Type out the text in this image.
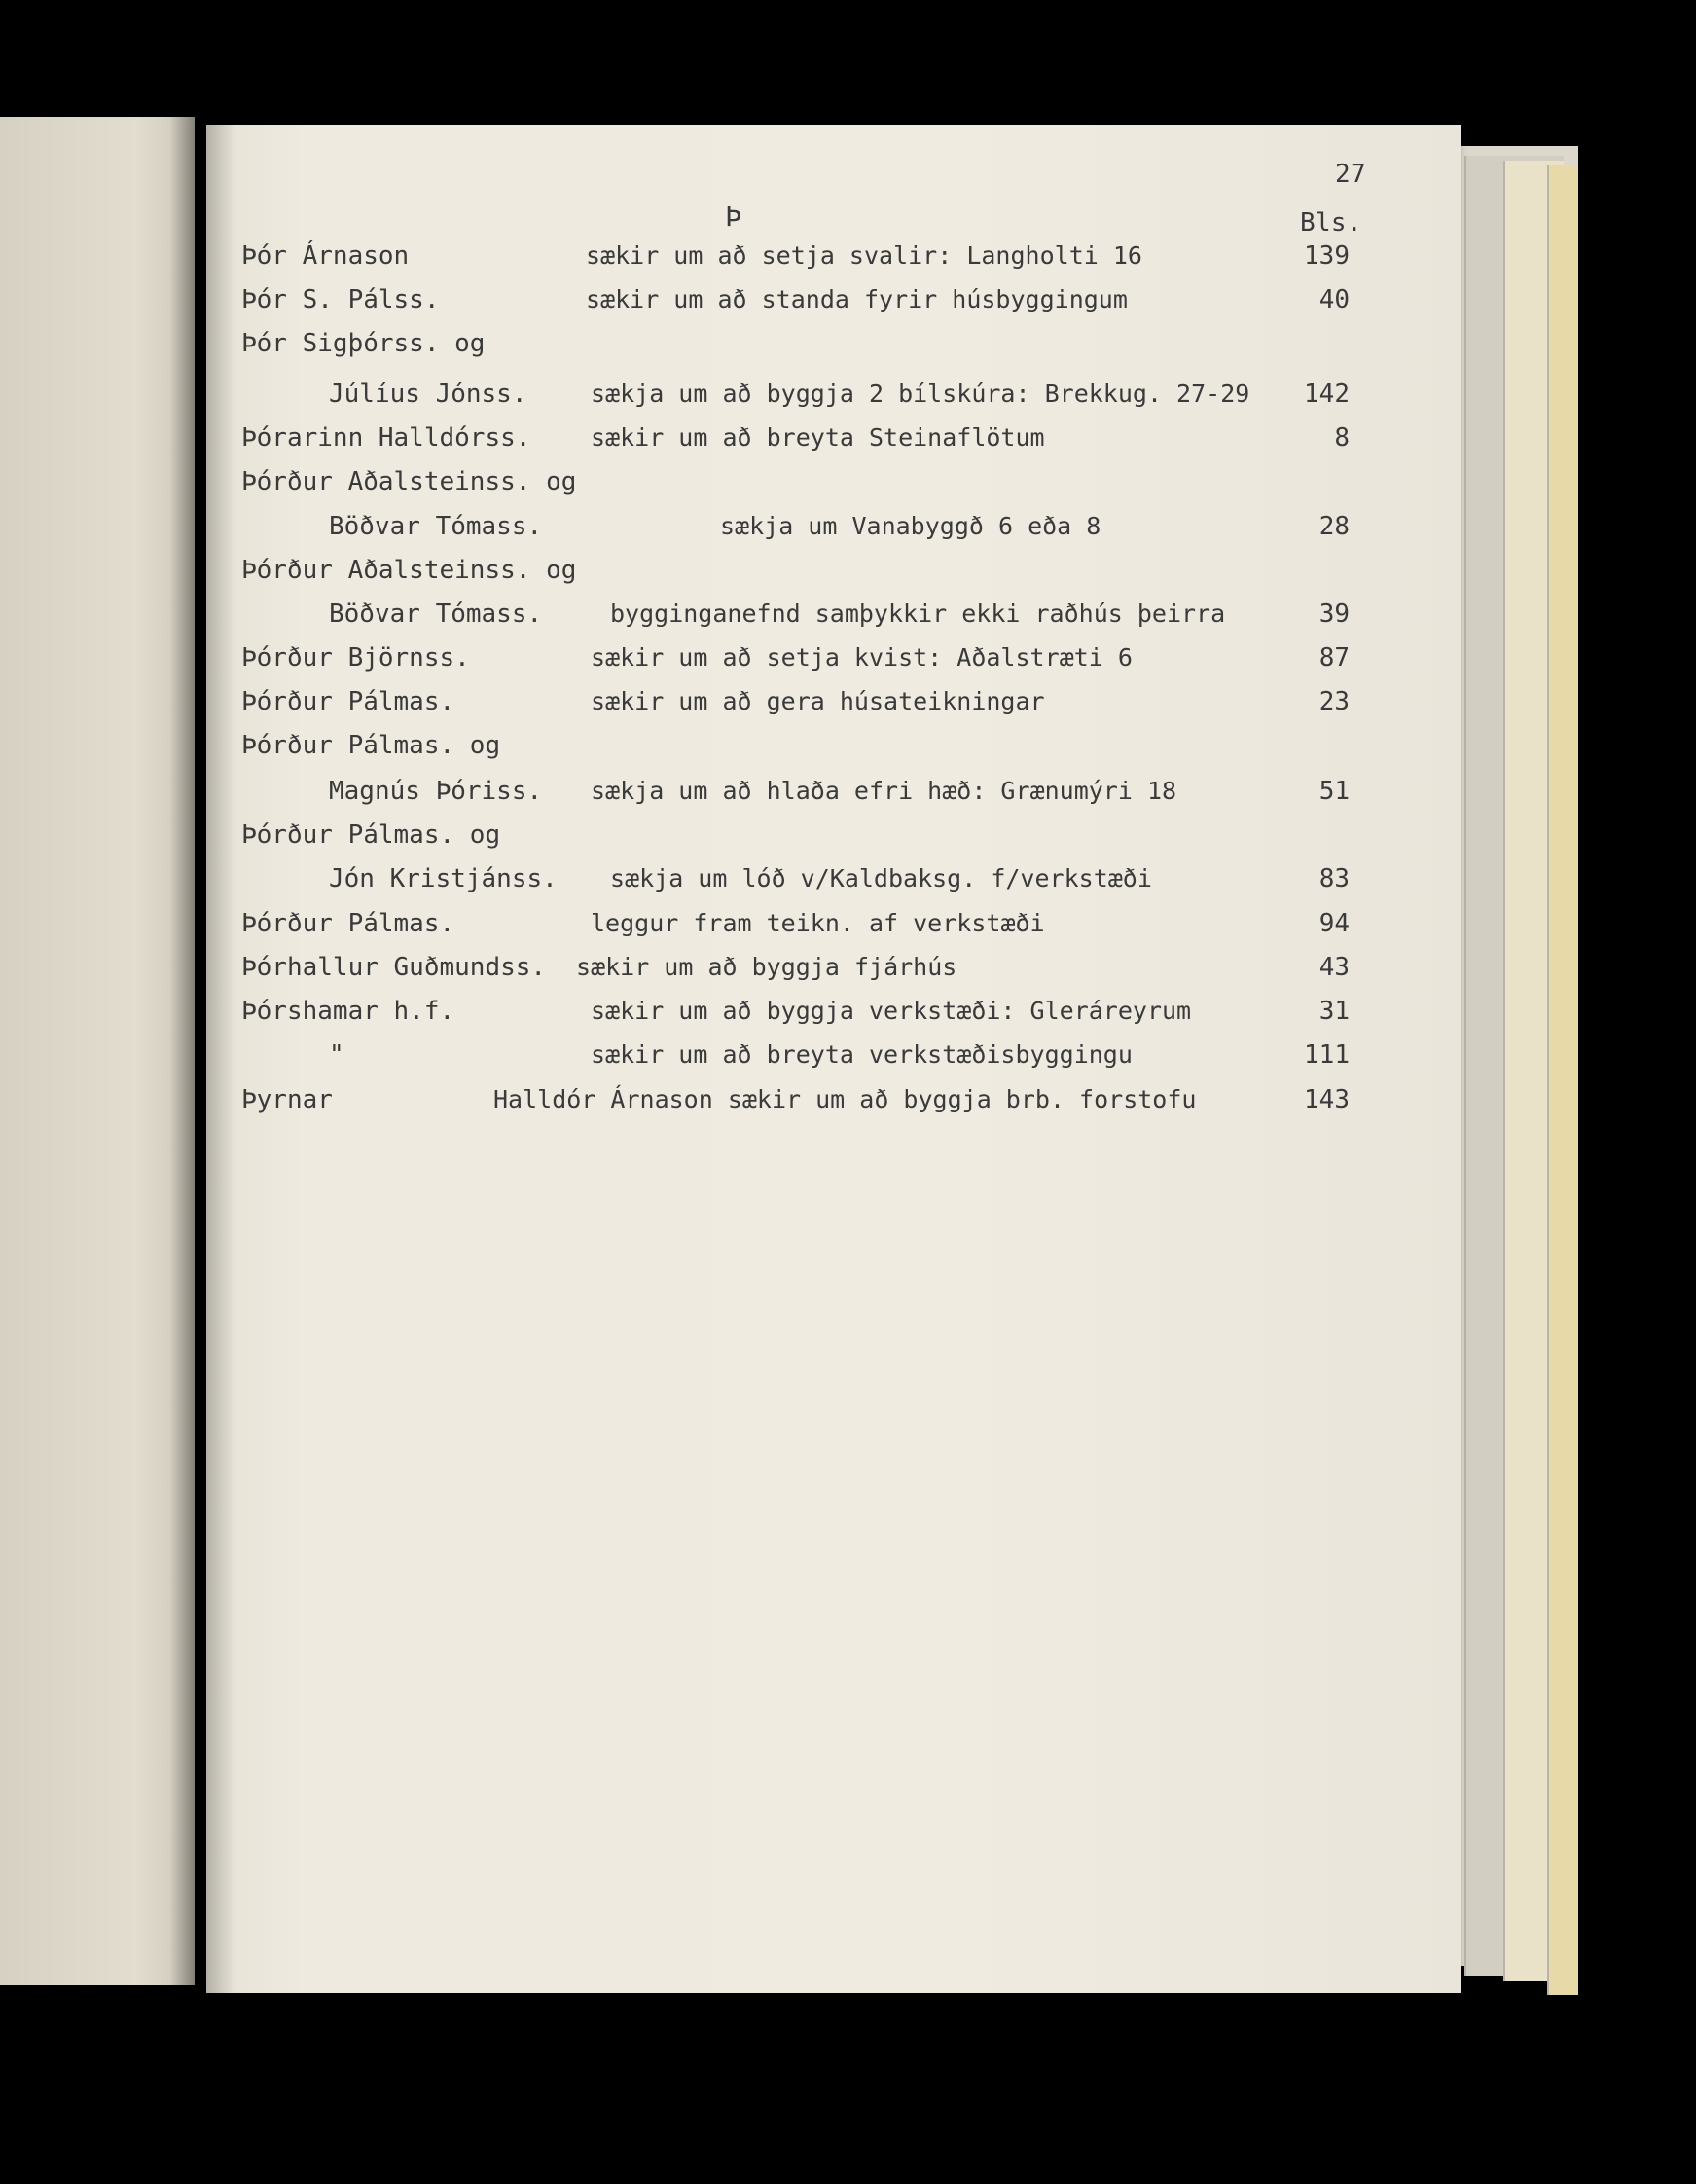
27
Þ	Bls.
Þór Árnason	sækir um að setja svalir: Langholti 16	139
Þór S. Pálss.	sækir um að standa fyrir húsbyggingum	40
Þór Sigþórss. og
Júlíus Jónss.	sækja um að byggja 2 bílskúra: Brekkug. 27-29 142
Þórarinn Halldórss. sækir um að breyta Steinaflötum	8
Þórður Aðalsteinss. og
Böðvar Tómass.	sækja um Vanabyggð 6 eða 8	28
Þórður Aðalsteinss. og
Böðvar Tómass.	bygginganefnd samþykkir ekki raðhús þeirra	39
Þórður Björnss.	sækir um að setja kvist: Aðalstræti 6	87
Þórður Pálmas.	sækir um að gera húsateikningar	23
Þórður Pálmas. og
Magnús Þóriss. sækja um að hlaða efri hæð: Grænumýri 18	51
Þórður Pálmas. og
Jón Kristjánss. sækja um lóð v/Kaldbaksg. f/verkstæði	83
Þórður Pálmas.	leggur fram teikn. af verkstæði	94
Þórhallur Guðmundss. sækir um að byggja fjárhús	43
Þórshamar h.f.	sækir um að byggja verkstæði: Gleráreyrum	31
"	sækir um að breyta verkstæðisbyggingu	111
Þyrnar	Halldór Árnason sækir um að byggja brb. forstofu	143
